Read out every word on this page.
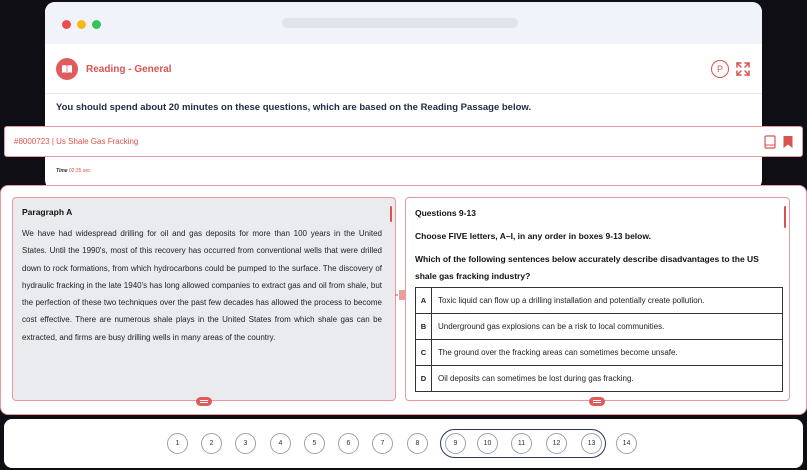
Reading - General	P
You should spend about 20 minutes on these questions, which are based on the Reading Passage below.
Time 02:35 sec
#8000723 | Us Shale Gas Fracking
Paragraph A
We have had widespread drilling for oil and gas deposits for more than 100 years in the United States. Until the 1990's, most of this recovery has occurred from conventional wells that were drilled down to rock formations, from which hydrocarbons could be pumped to the surface. The discovery of hydraulic fracking in the late 1940's has long allowed companies to extract gas and oil from shale, but the perfection of these two techniques over the past few decades has allowed the process to become cost effective. There are numerous shale plays in the United States from which shale gas can be extracted, and firms are busy drilling wells in many areas of the country.
Questions 9-13
Choose FIVE letters, A–I, in any order in boxes 9-13 below.
Which of the following sentences below accurately describe disadvantages to the US shale gas fracking industry?
A	Toxic liquid can flow up a drilling installation and potentially create pollution.
B	Underground gas explosions can be a risk to local communities.
C	The ground over the fracking areas can sometimes become unsafe.
D	Oil deposits can sometimes be lost during gas fracking.
1	2	3	4	5	6	7	8	9	10	11	12	13	14
